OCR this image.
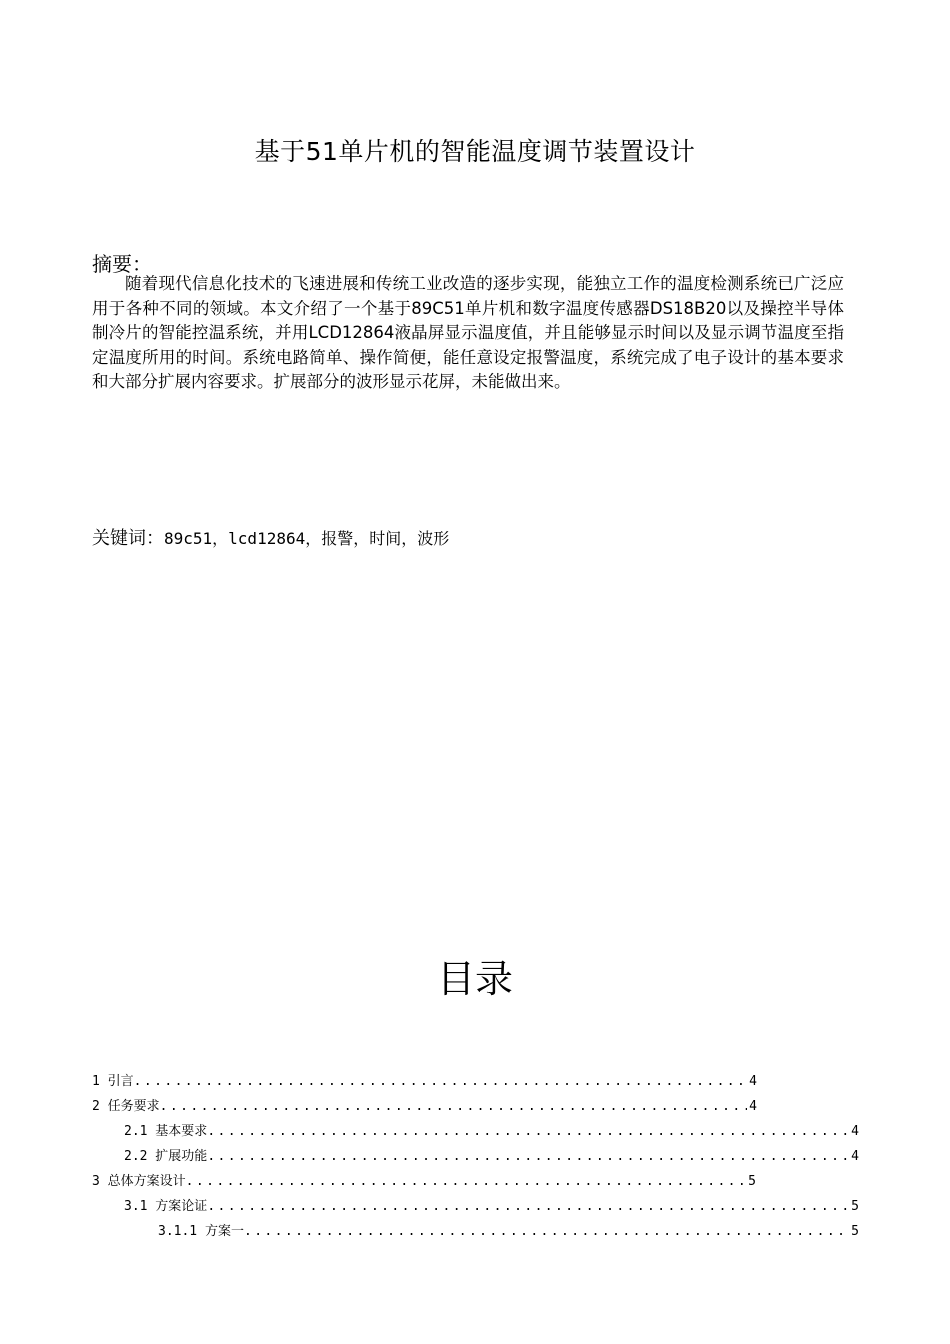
基于51单片机的智能温度调节装置设计
摘要：
随着现代信息化技术的飞速进展和传统工业改造的逐步实现，能独立工作的温度检测系统已广泛应用于各种不同的领域。本文介绍了一个基于89C51单片机和数字温度传感器DS18B20以及操控半导体制冷片的智能控温系统，并用LCD12864液晶屏显示温度值，并且能够显示时间以及显示调节温度至指定温度所用的时间。系统电路简单、操作简便，能任意设定报警温度，系统完成了电子设计的基本要求和大部分扩展内容要求。扩展部分的波形显示花屏，未能做出来。
关键词：89c51，lcd12864，报警，时间，波形
目录
1 引言 .....	4
2 任务要求 .....	4
2.1 基本要求 .....	4
2.2 扩展功能 .....	4
3 总体方案设计 .....	5
3.1 方案论证 .....	5
3.1.1 方案一 .....	5
